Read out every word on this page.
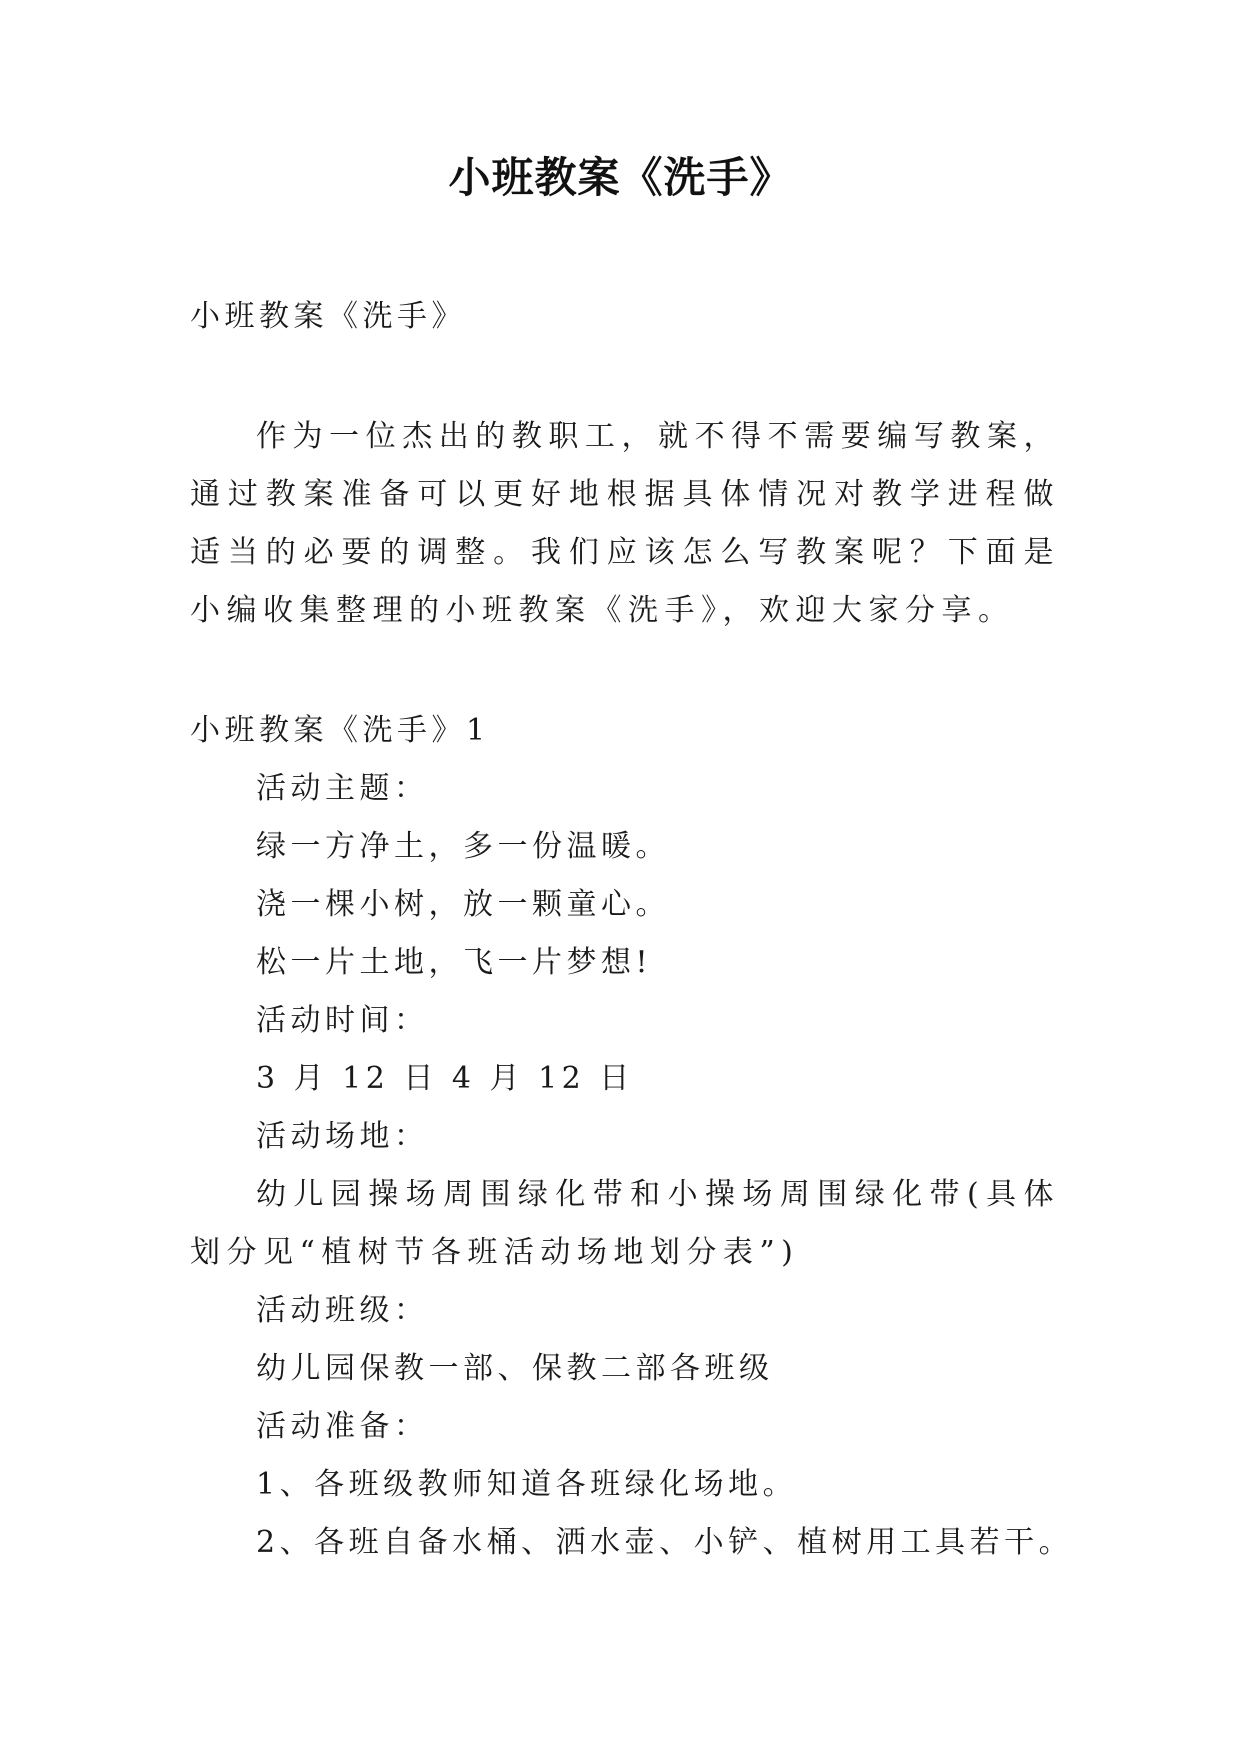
小班教案《洗手》

小班教案《洗手》

作为一位杰出的教职工，就不得不需要编写教案，通过教案准备可以更好地根据具体情况对教学进程做适当的必要的调整。我们应该怎么写教案呢？下面是小编收集整理的小班教案《洗手》，欢迎大家分享。

小班教案《洗手》1

活动主题：

绿一方净土，多一份温暖。

浇一棵小树，放一颗童心。

松一片土地，飞一片梦想!

活动时间：

3 月 12 日 4 月 12 日

活动场地：

幼儿园操场周围绿化带和小操场周围绿化带(具体划分见“植树节各班活动场地划分表”)

活动班级：

幼儿园保教一部、保教二部各班级

活动准备：

1、各班级教师知道各班绿化场地。

2、各班自备水桶、洒水壶、小铲、植树用工具若干。
